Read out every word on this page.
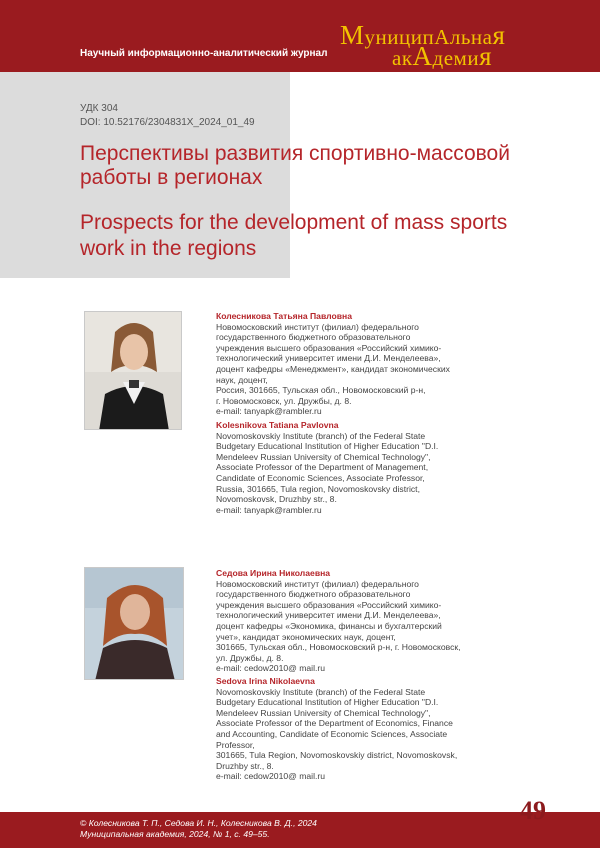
Научный информационно-аналитический журнал
МуниципАльная
акАдемия
УДК 304
DOI: 10.52176/2304831X_2024_01_49
Перспективы развития спортивно-массовой работы в регионах
Prospects for the development of mass sports work in the regions
Колесникова Татьяна Павловна
Новомосковский институт (филиал) федерального
государственного бюджетного образовательного
учреждения высшего образования «Российский химико-
технологический университет имени Д.И. Менделеева»,
доцент кафедры «Менеджмент», кандидат экономических
наук, доцент,
Россия, 301665, Тульская обл., Новомосковский р-н,
г. Новомосковск, ул. Дружбы, д. 8.
e-mail: tanyapk@rambler.ru
Kolesnikova Tatiana Pavlovna
Novomoskovskiy Institute (branch) of the Federal State
Budgetary Educational Institution of Higher Education "D.I.
Mendeleev Russian University of Chemical Technology",
Associate Professor of the Department of Management,
Candidate of Economic Sciences, Associate Professor,
Russia, 301665, Tula region, Novomoskovsky district,
Novomoskovsk, Druzhby str., 8.
e-mail: tanyapk@rambler.ru
Седова Ирина Николаевна
Новомосковский институт (филиал) федерального
государственного бюджетного образовательного
учреждения высшего образования «Российский химико-
технологический университет имени Д.И. Менделеева»,
доцент кафедры «Экономика, финансы и бухгалтерский
учет», кандидат экономических наук, доцент,
301665, Тульская обл., Новомосковский р-н, г. Новомосковск,
ул. Дружбы, д. 8.
e-mail: cedow2010@ mail.ru
Sedova Irina Nikolaevna
Novomoskovskiy Institute (branch) of the Federal State
Budgetary Educational Institution of Higher Education "D.I.
Mendeleev Russian University of Chemical Technology",
Associate Professor of the Department of Economics, Finance
and Accounting, Candidate of Economic Sciences, Associate
Professor,
301665, Tula Region, Novomoskovskiy district, Novomoskovsk,
Druzhby str., 8.
e-mail: cedow2010@ mail.ru
49
© Колесникова Т. П., Седова И. Н., Колесникова В. Д., 2024
Муниципальная академия, 2024, № 1, с. 49–55.
